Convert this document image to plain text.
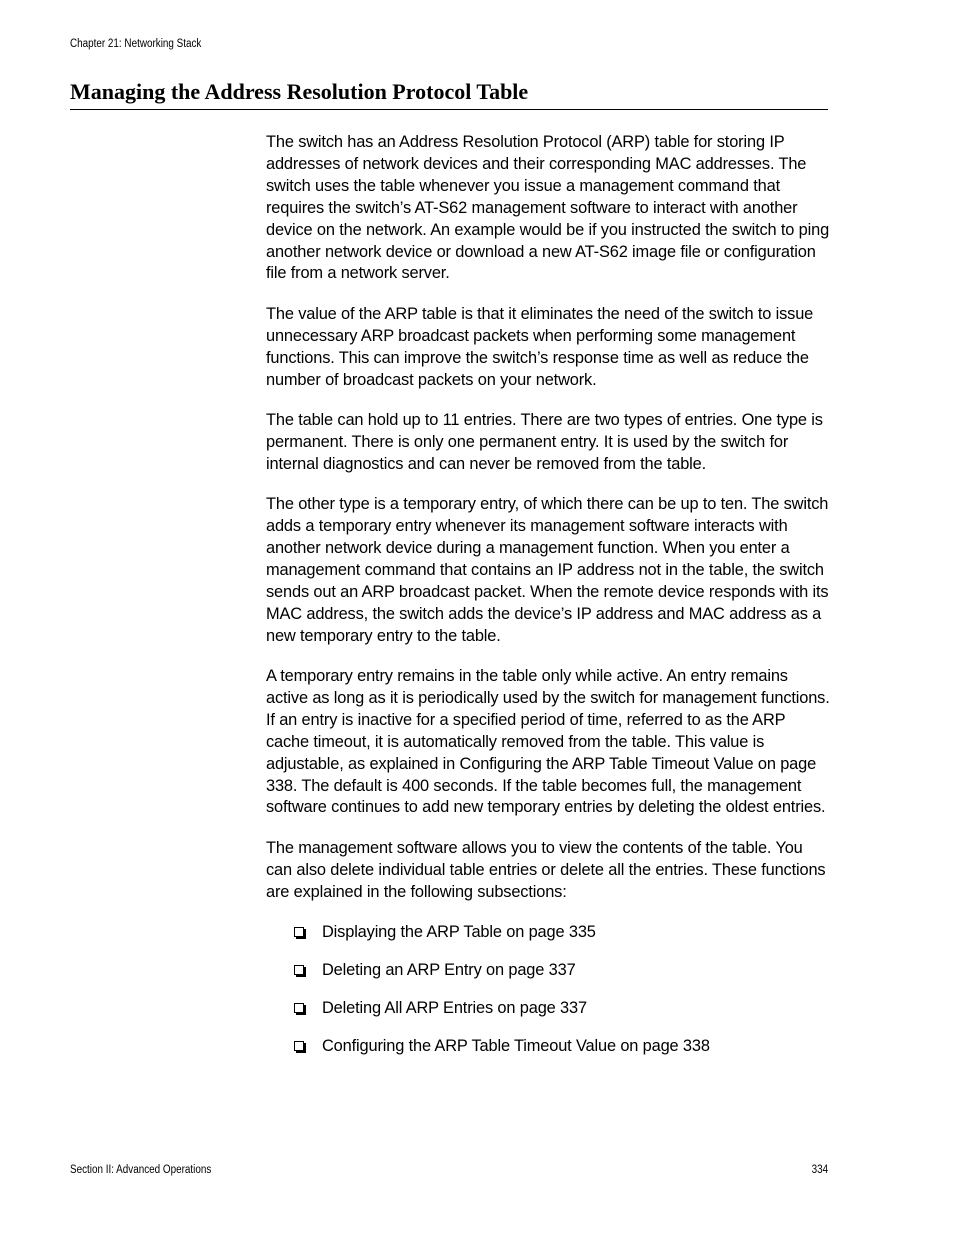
Chapter 21: Networking Stack
Managing the Address Resolution Protocol Table

The switch has an Address Resolution Protocol (ARP) table for storing IP addresses of network devices and their corresponding MAC addresses. The switch uses the table whenever you issue a management command that requires the switch’s AT-S62 management software to interact with another device on the network. An example would be if you instructed the switch to ping another network device or download a new AT-S62 image file or configuration file from a network server.

The value of the ARP table is that it eliminates the need of the switch to issue unnecessary ARP broadcast packets when performing some management functions. This can improve the switch’s response time as well as reduce the number of broadcast packets on your network.

The table can hold up to 11 entries. There are two types of entries. One type is permanent. There is only one permanent entry. It is used by the switch for internal diagnostics and can never be removed from the table.

The other type is a temporary entry, of which there can be up to ten. The switch adds a temporary entry whenever its management software interacts with another network device during a management function. When you enter a management command that contains an IP address not in the table, the switch sends out an ARP broadcast packet. When the remote device responds with its MAC address, the switch adds the device’s IP address and MAC address as a new temporary entry to the table.

A temporary entry remains in the table only while active. An entry remains active as long as it is periodically used by the switch for management functions. If an entry is inactive for a specified period of time, referred to as the ARP cache timeout, it is automatically removed from the table. This value is adjustable, as explained in Configuring the ARP Table Timeout Value on page 338. The default is 400 seconds. If the table becomes full, the management software continues to add new temporary entries by deleting the oldest entries.

The management software allows you to view the contents of the table. You can also delete individual table entries or delete all the entries. These functions are explained in the following subsections:

Displaying the ARP Table on page 335
Deleting an ARP Entry on page 337
Deleting All ARP Entries on page 337
Configuring the ARP Table Timeout Value on page 338
Section II: Advanced Operations	334
